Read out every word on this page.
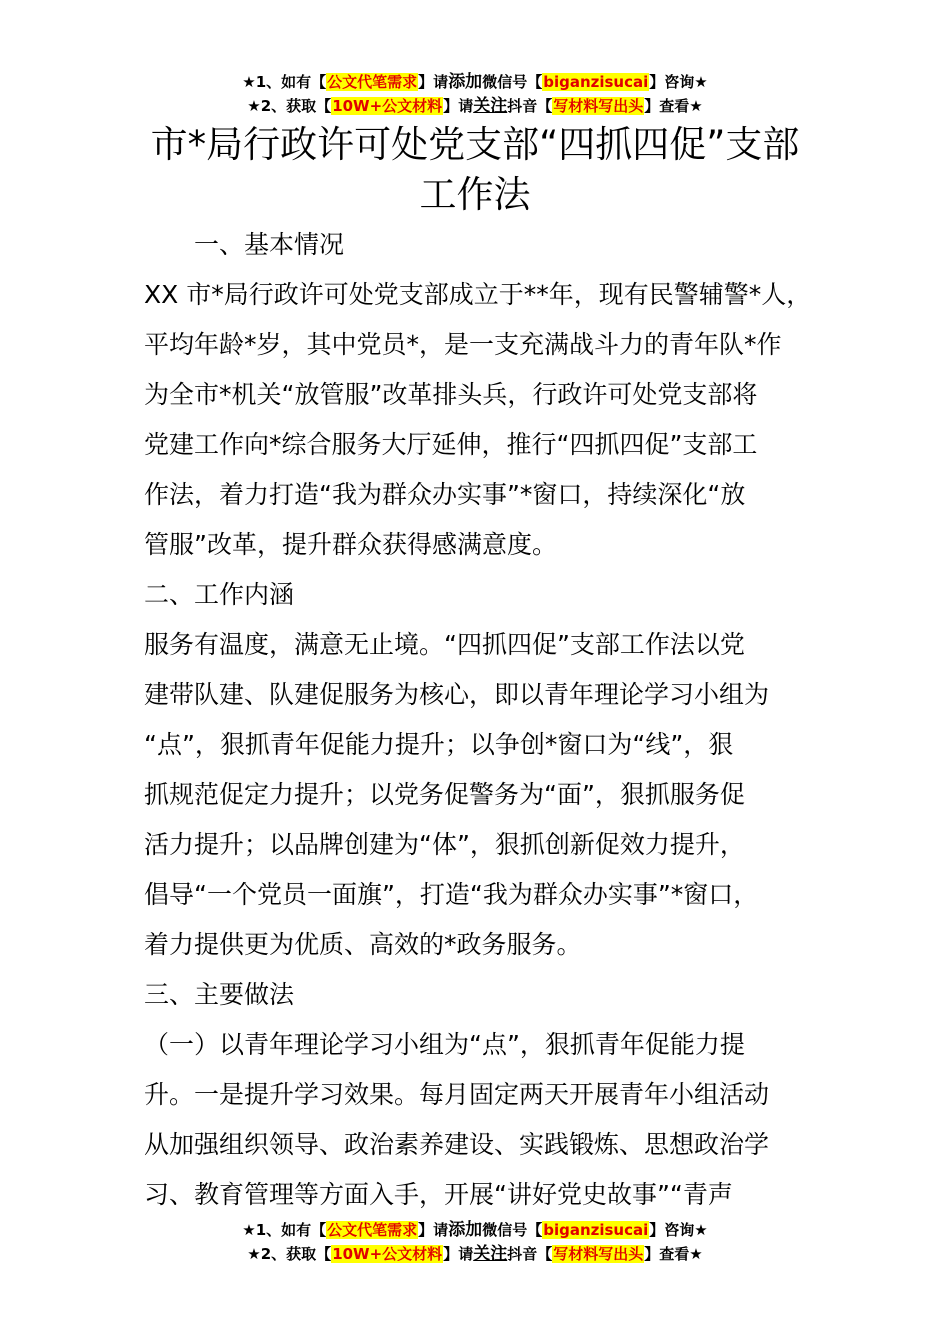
★1、如有【公文代笔需求】请添加微信号【biganzisucai】咨询★
★2、获取【10W+公文材料】请关注抖音【写材料写出头】查看★
市*局行政许可处党支部“四抓四促”支部
工作法

一、基本情况

XX 市*局行政许可处党支部成立于**年，现有民警辅警*人，

平均年龄*岁，其中党员*，是一支充满战斗力的青年队*作

为全市*机关“放管服”改革排头兵，行政许可处党支部将

党建工作向*综合服务大厅延伸，推行“四抓四促”支部工

作法，着力打造“我为群众办实事”*窗口，持续深化“放

管服”改革，提升群众获得感满意度。

二、工作内涵

服务有温度，满意无止境。“四抓四促”支部工作法以党

建带队建、队建促服务为核心，即以青年理论学习小组为

“点”，狠抓青年促能力提升；以争创*窗口为“线”，狠

抓规范促定力提升；以党务促警务为“面”，狠抓服务促

活力提升；以品牌创建为“体”，狠抓创新促效力提升，

倡导“一个党员一面旗”，打造“我为群众办实事”*窗口，

着力提供更为优质、高效的*政务服务。

三、主要做法

（一）以青年理论学习小组为“点”，狠抓青年促能力提

升。一是提升学习效果。每月固定两天开展青年小组活动

从加强组织领导、政治素养建设、实践锻炼、思想政治学

习、教育管理等方面入手，开展“讲好党史故事”“青声

★1、如有【公文代笔需求】请添加微信号【biganzisucai】咨询★
★2、获取【10W+公文材料】请关注抖音【写材料写出头】查看★
